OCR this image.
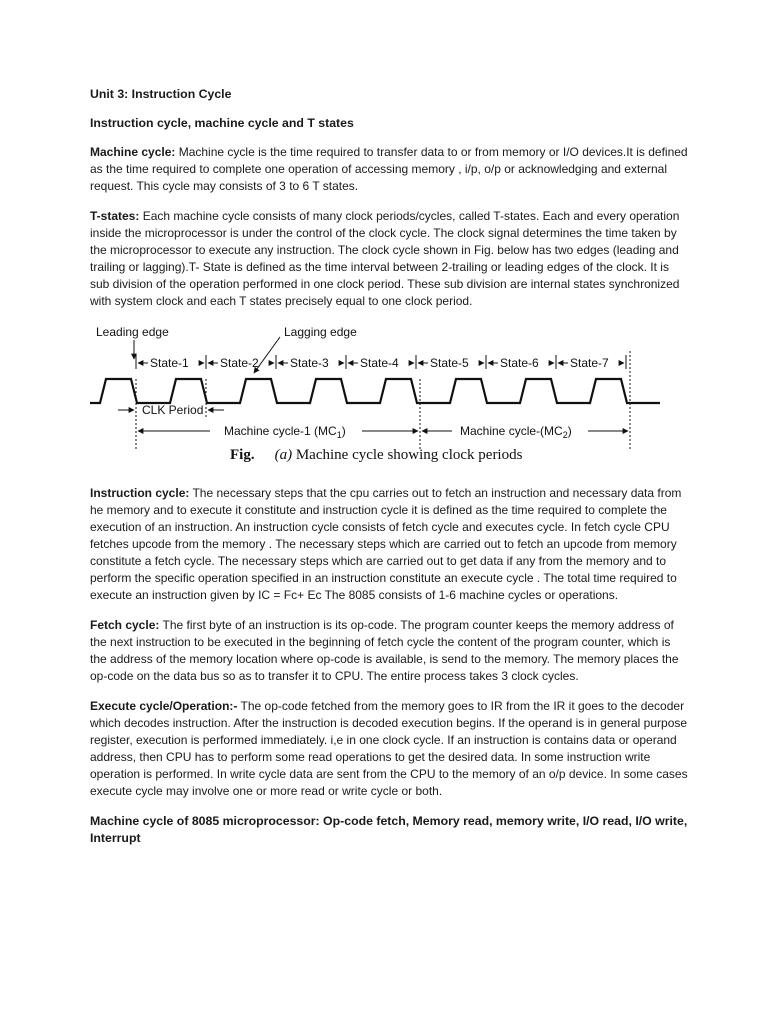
Unit 3: Instruction Cycle

Instruction cycle, machine cycle and T states

Machine cycle: Machine cycle is the time required to transfer data to or from memory or I/O devices.It is defined as the time required to complete one operation of accessing memory , i/p, o/p or acknowledging and external request. This cycle may consists of 3 to 6 T states.

T-states: Each machine cycle consists of many clock periods/cycles, called T-states. Each and every operation inside the microprocessor is under the control of the clock cycle. The clock signal determines the time taken by the microprocessor to execute any instruction. The clock cycle shown in Fig. below has two edges (leading and trailing or lagging).T- State is defined as the time interval between 2-trailing or leading edges of the clock. It is sub division of the operation performed in one clock period. These sub division are internal states synchronized with system clock and each T states precisely equal to one clock period.

Leading edge	Lagging edge
State-1	State-2	State-3	State-4	State-5	State-6	State-7
CLK Period
Machine cycle-1 $(MC_1)$	Machine cycle-$(MC_2)$
Fig. (a) Machine cycle showing clock periods

Instruction cycle: The necessary steps that the cpu carries out to fetch an instruction and necessary data from he memory and to execute it constitute and instruction cycle it is defined as the time required to complete the execution of an instruction. An instruction cycle consists of fetch cycle and executes cycle. In fetch cycle CPU fetches upcode from the memory . The necessary steps which are carried out to fetch an upcode from memory constitute a fetch cycle. The necessary steps which are carried out to get data if any from the memory and to perform the specific operation specified in an instruction constitute an execute cycle . The total time required to execute an instruction given by IC = Fc+ Ec The 8085 consists of 1-6 machine cycles or operations.

Fetch cycle: The first byte of an instruction is its op-code. The program counter keeps the memory address of the next instruction to be executed in the beginning of fetch cycle the content of the program counter, which is the address of the memory location where op-code is available, is send to the memory. The memory places the op-code on the data bus so as to transfer it to CPU. The entire process takes 3 clock cycles.

Execute cycle/Operation:- The op-code fetched from the memory goes to IR from the IR it goes to the decoder which decodes instruction. After the instruction is decoded execution begins. If the operand is in general purpose register, execution is performed immediately. i,e in one clock cycle. If an instruction is contains data or operand address, then CPU has to perform some read operations to get the desired data. In some instruction write operation is performed. In write cycle data are sent from the CPU to the memory of an o/p device. In some cases execute cycle may involve one or more read or write cycle or both.

Machine cycle of 8085 microprocessor: Op-code fetch, Memory read, memory write, I/O read, I/O write, Interrupt
